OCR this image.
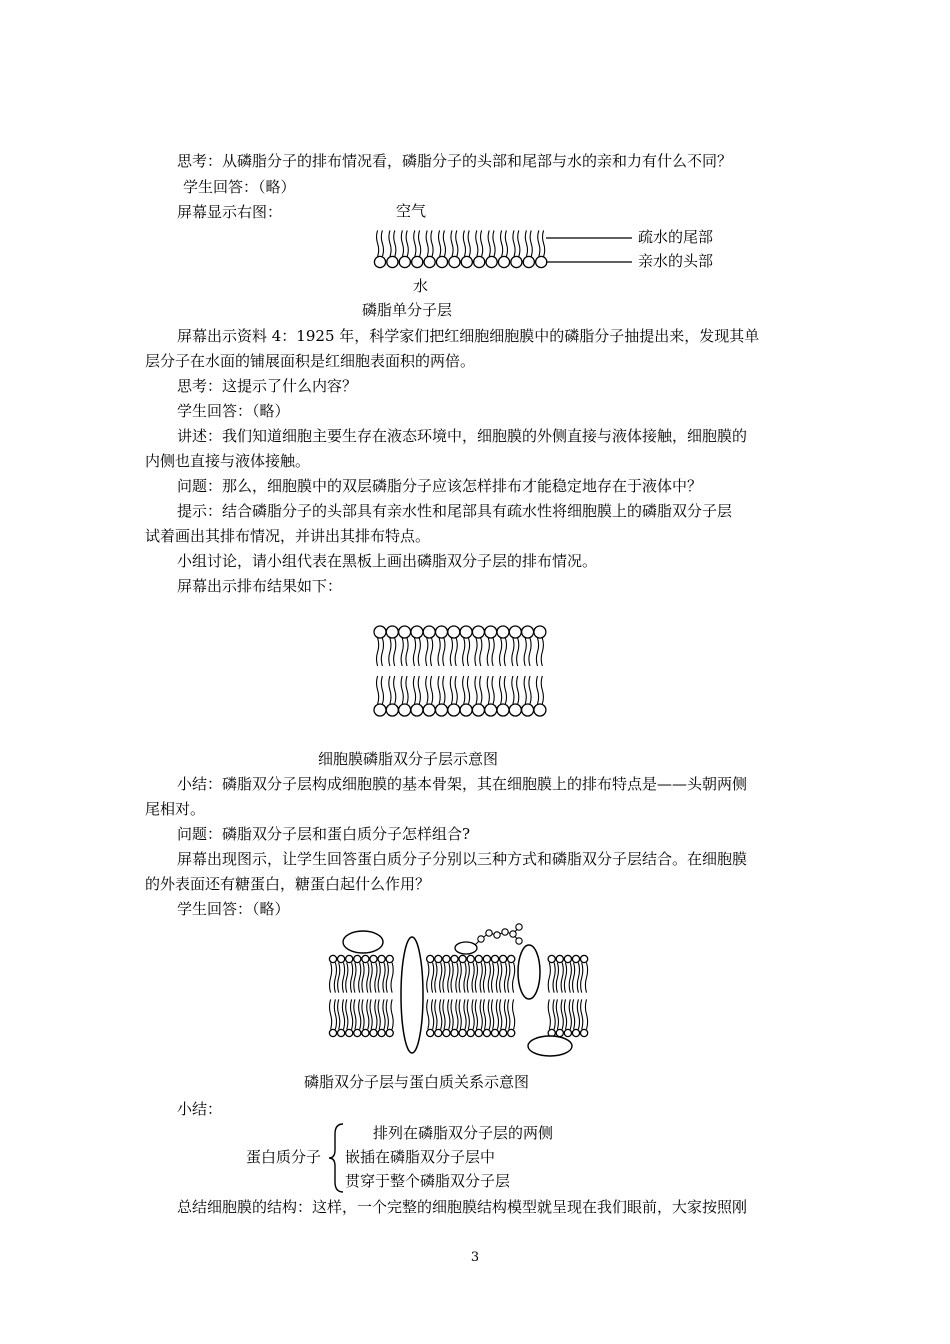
思考：从磷脂分子的排布情况看，磷脂分子的头部和尾部与水的亲和力有什么不同？
学生回答：（略）
屏幕显示右图：	空气
疏水的尾部
亲水的头部
水
磷脂单分子层
屏幕出示资料 4：1925 年，科学家们把红细胞细胞膜中的磷脂分子抽提出来，发现其单
层分子在水面的铺展面积是红细胞表面积的两倍。
思考：这提示了什么内容？
学生回答：（略）
讲述：我们知道细胞主要生存在液态环境中，细胞膜的外侧直接与液体接触，细胞膜的
内侧也直接与液体接触。
问题：那么，细胞膜中的双层磷脂分子应该怎样排布才能稳定地存在于液体中？
提示：结合磷脂分子的头部具有亲水性和尾部具有疏水性将细胞膜上的磷脂双分子层
试着画出其排布情况，并讲出其排布特点。
小组讨论，请小组代表在黑板上画出磷脂双分子层的排布情况。
屏幕出示排布结果如下：
细胞膜磷脂双分子层示意图
小结：磷脂双分子层构成细胞膜的基本骨架，其在细胞膜上的排布特点是——头朝两侧
尾相对。
问题：磷脂双分子层和蛋白质分子怎样组合?
屏幕出现图示，让学生回答蛋白质分子分别以三种方式和磷脂双分子层结合。在细胞膜
的外表面还有糖蛋白，糖蛋白起什么作用？
学生回答：（略）
磷脂双分子层与蛋白质关系示意图
小结：
蛋白质分子
排列在磷脂双分子层的两侧
嵌插在磷脂双分子层中
贯穿于整个磷脂双分子层
总结细胞膜的结构：这样，一个完整的细胞膜结构模型就呈现在我们眼前，大家按照刚
3
